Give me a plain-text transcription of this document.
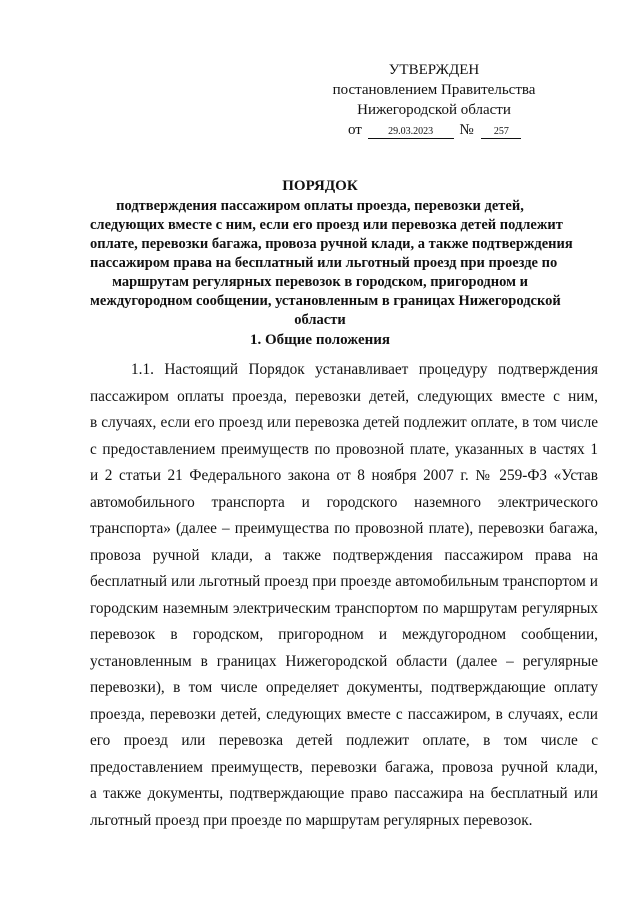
УТВЕРЖДЕН
постановлением Правительства
Нижегородской области
от	29.03.2023 № 257
ПОРЯДОК
подтверждения пассажиром оплаты проезда, перевозки детей,
следующих вместе с ним, если его проезд или перевозка детей подлежит
оплате, перевозки багажа, провоза ручной клади, а также подтверждения
пассажиром права на бесплатный или льготный проезд при проезде по
маршрутам регулярных перевозок в городском, пригородном и
междугородном сообщении, установленным в границах Нижегородской
области
1. Общие положения
1.1. Настоящий Порядок устанавливает процедуру подтверждения
пассажиром оплаты проезда, перевозки детей, следующих вместе с ним,
в случаях, если его проезд или перевозка детей подлежит оплате, в том числе
с предоставлением преимуществ по провозной плате, указанных в частях 1
и 2 статьи 21 Федерального закона от 8 ноября 2007 г. № 259-ФЗ «Устав
автомобильного транспорта и городского наземного электрического
транспорта» (далее – преимущества по провозной плате), перевозки багажа,
провоза ручной клади, а также подтверждения пассажиром права на
бесплатный или льготный проезд при проезде автомобильным транспортом и
городским наземным электрическим транспортом по маршрутам регулярных
перевозок в городском, пригородном и междугородном сообщении,
установленным в границах Нижегородской области (далее – регулярные
перевозки), в том числе определяет документы, подтверждающие оплату
проезда, перевозки детей, следующих вместе с пассажиром, в случаях, если
его проезд или перевозка детей подлежит оплате, в том числе с
предоставлением преимуществ, перевозки багажа, провоза ручной клади,
а также документы, подтверждающие право пассажира на бесплатный или
льготный проезд при проезде по маршрутам регулярных перевозок.
